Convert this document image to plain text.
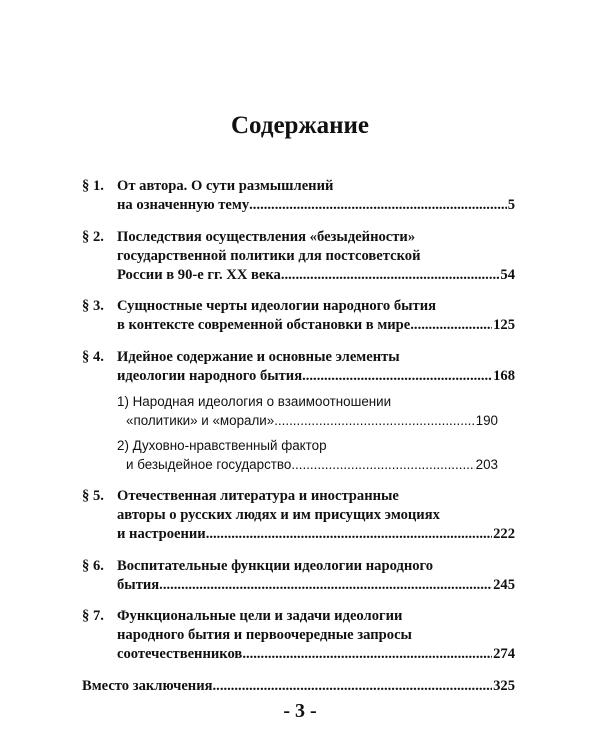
Содержание
§ 1. От автора. О сути размышлений
на означенную тему .....	5
§ 2. Последствия осуществления «безыдейности»
государственной политики для постсоветской
России в 90-е гг. ХХ века .....	54
§ 3. Сущностные черты идеологии народного бытия
в контексте современной обстановки в мире .....	125
§ 4. Идейное содержание и основные элементы
идеологии народного бытия .....	168
1) Народная идеология о взаимоотношении
«политики» и «морали» .....	190
2) Духовно-нравственный фактор
и безыдейное государство .....	203
§ 5. Отечественная литература и иностранные
авторы о русских людях и им присущих эмоциях
и настроении .....	222
§ 6. Воспитательные функции идеологии народного
бытия .....	245
§ 7. Функциональные цели и задачи идеологии
народного бытия и первоочередные запросы
соотечественников .....	274
Вместо заключения .....	325
- 3 -
